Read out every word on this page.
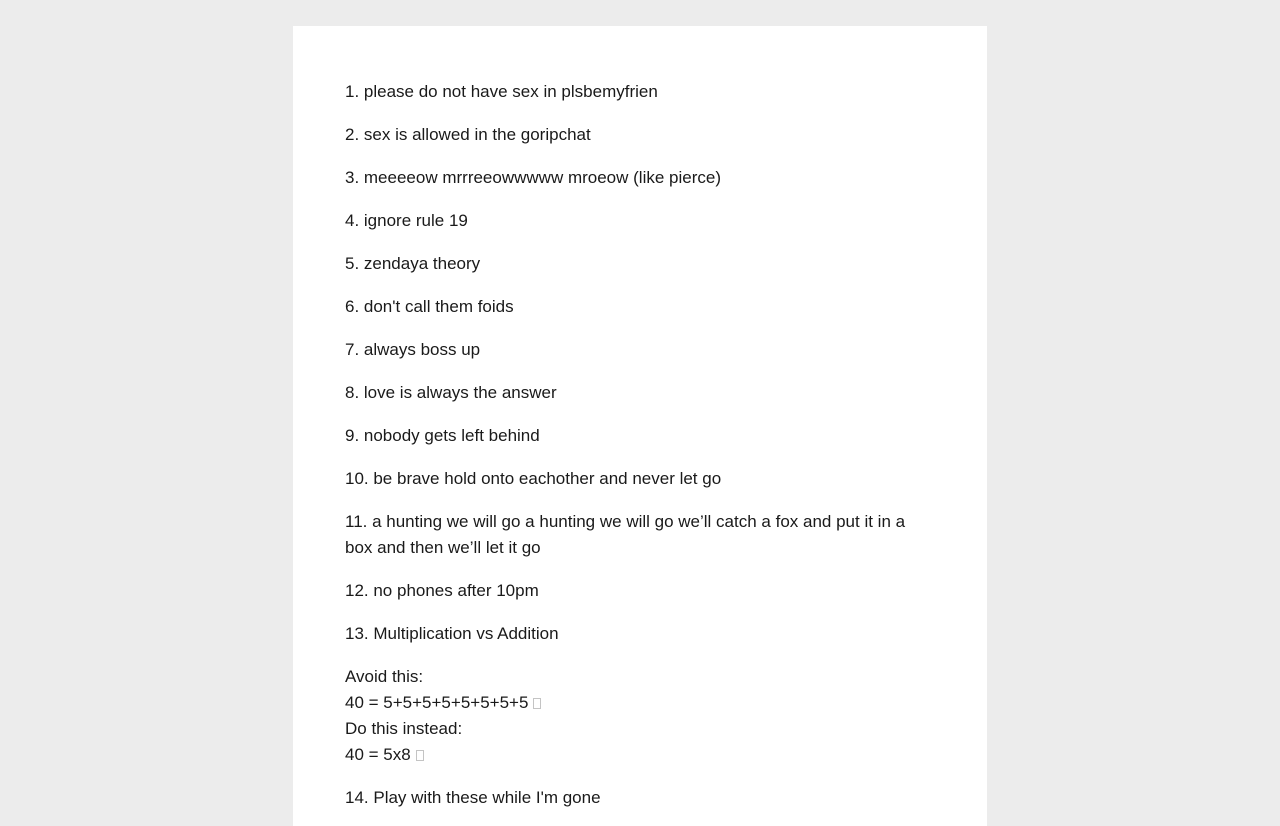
1. please do not have sex in plsbemyfrien
2. sex is allowed in the goripchat
3. meeeeow mrrreeowwwww mroeow (like pierce)
4. ignore rule 19
5. zendaya theory
6. don't call them foids
7. always boss up
8. love is always the answer
9. nobody gets left behind
10. be brave hold onto eachother and never let go
11. a hunting we will go a hunting we will go we’ll catch a fox and put it in a box and then we’ll let it go
12. no phones after 10pm
13. Multiplication vs Addition
Avoid this:
40 = 5+5+5+5+5+5+5+5
Do this instead:
40 = 5x8
14. Play with these while I'm gone
